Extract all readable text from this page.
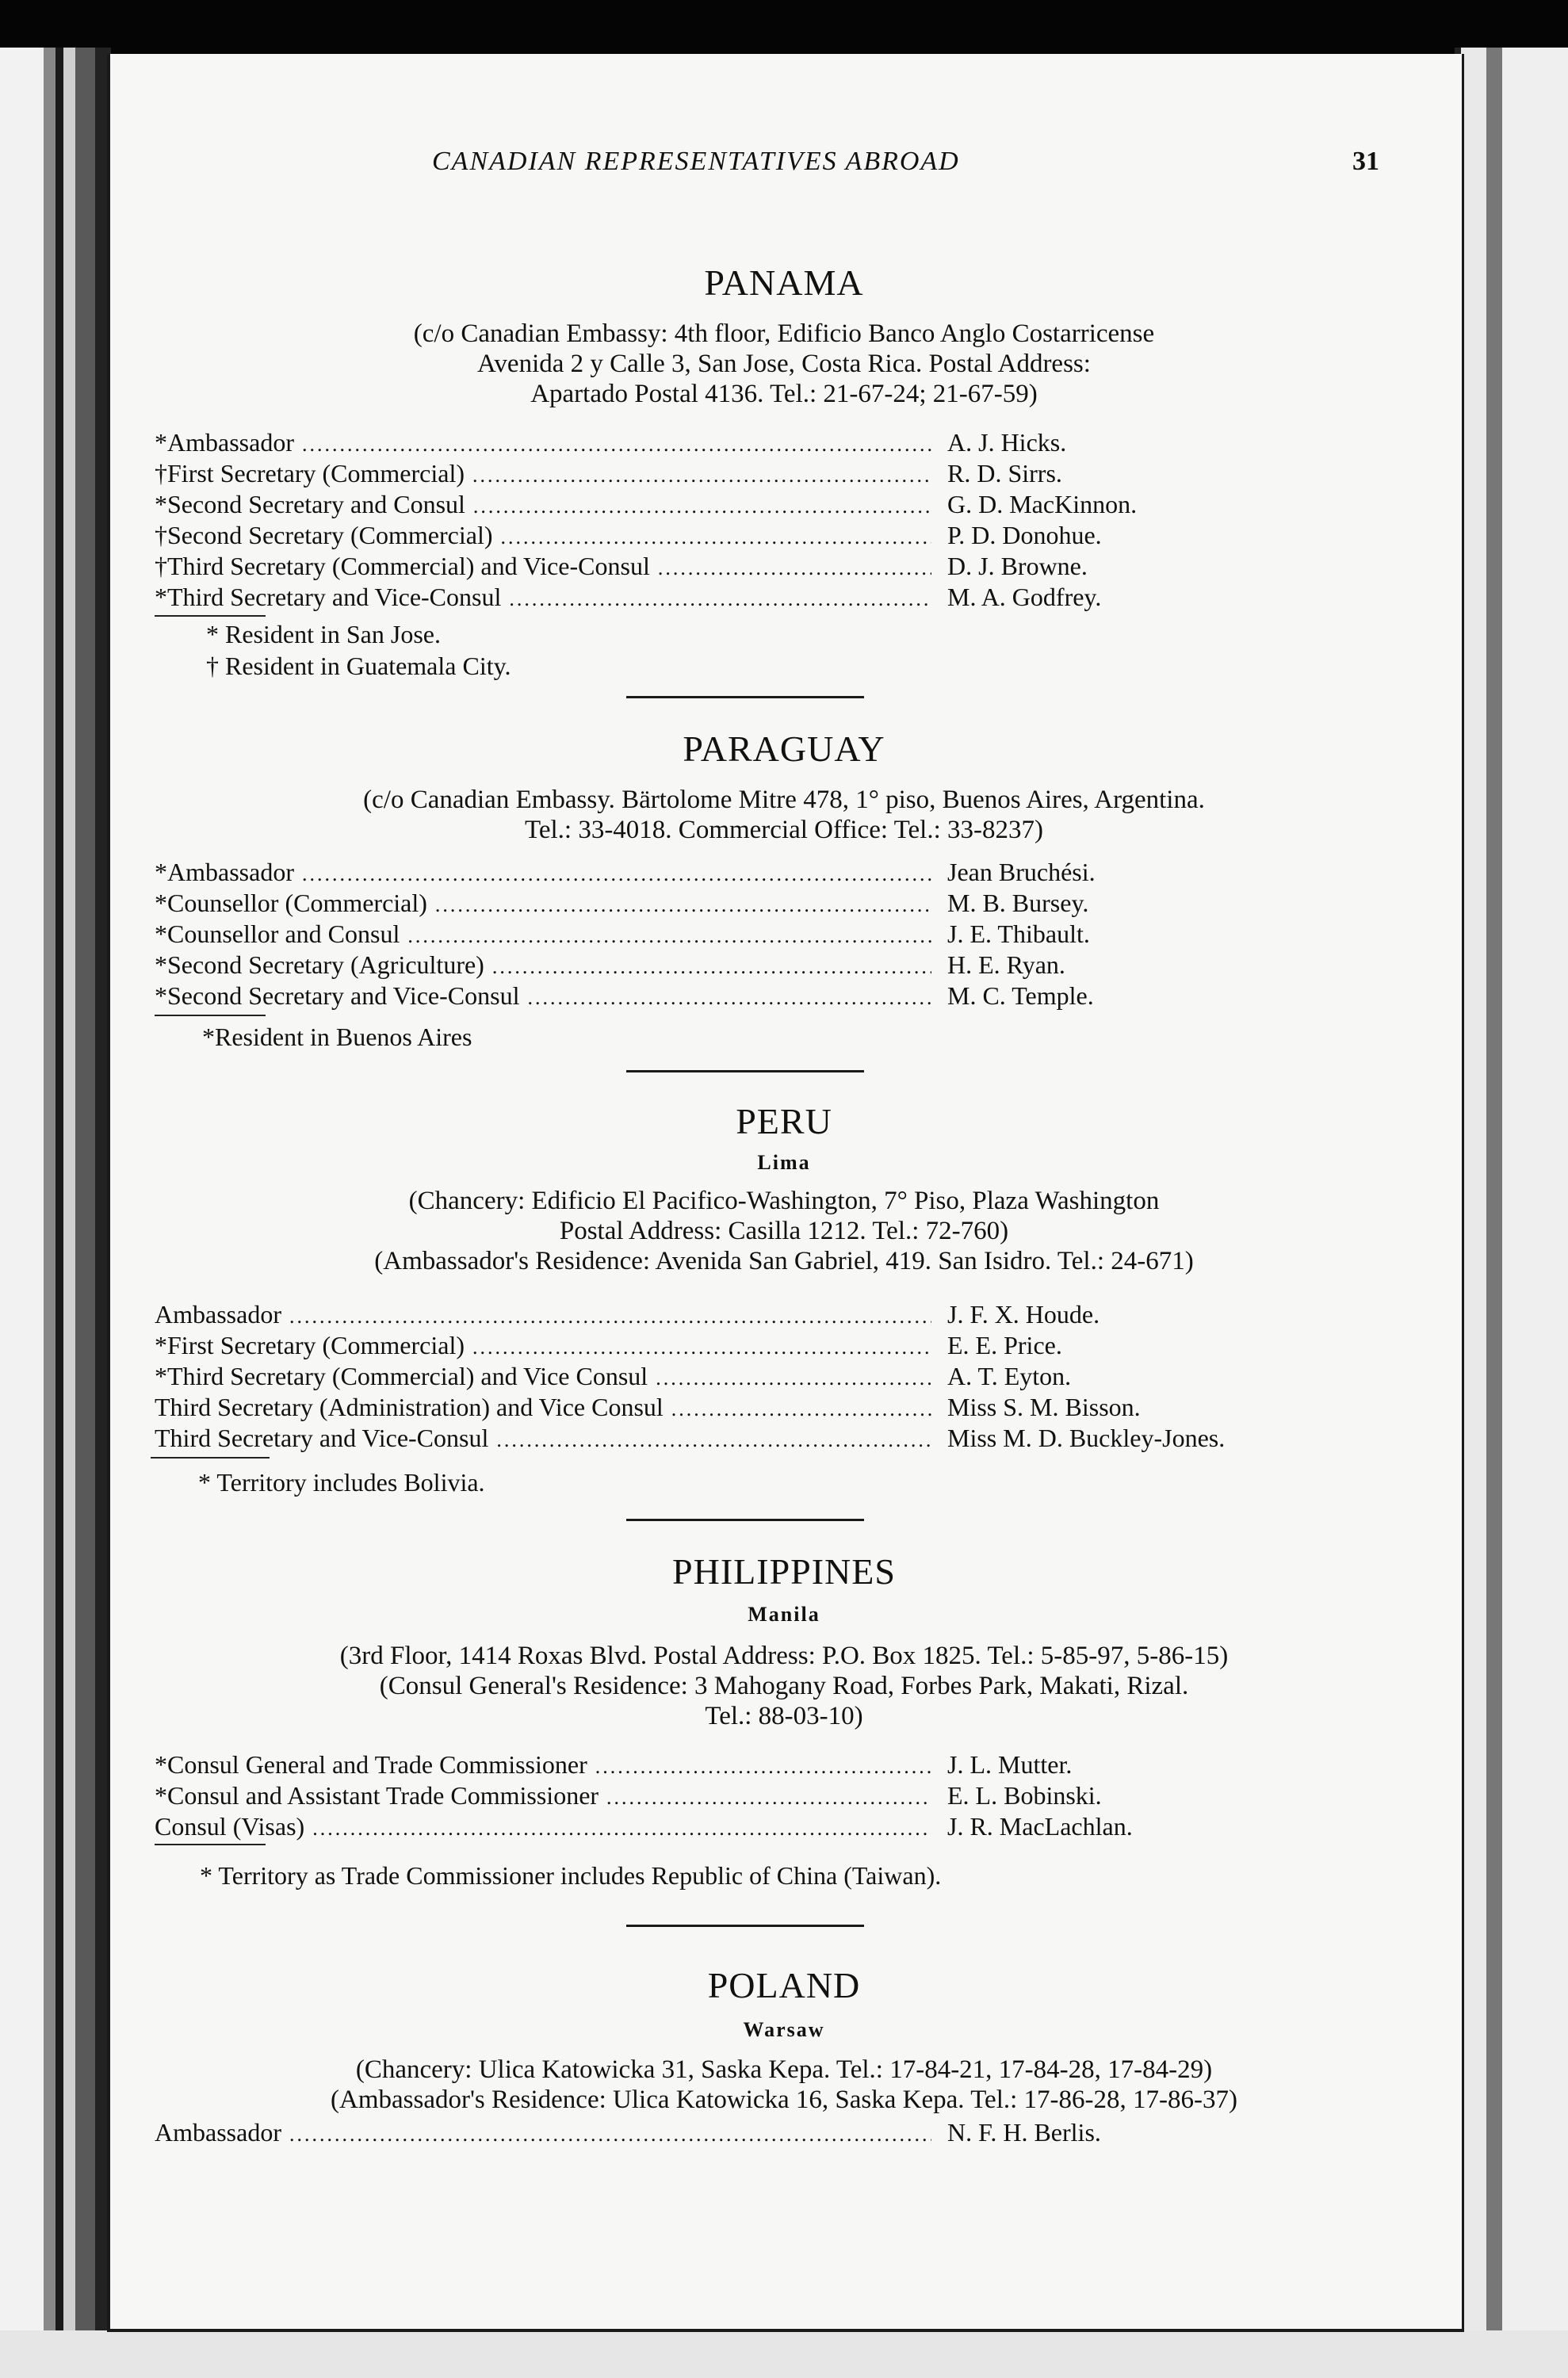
CANADIAN REPRESENTATIVES ABROAD	31
PANAMA
(c/o Canadian Embassy: 4th floor, Edificio Banco Anglo Costarricense
Avenida 2 y Calle 3, San Jose, Costa Rica. Postal Address:
Apartado Postal 4136. Tel.: 21-67-24; 21-67-59)
*Ambassador .....	A. J. Hicks.
†First Secretary (Commercial) .....	R. D. Sirrs.
*Second Secretary and Consul .....	G. D. MacKinnon.
†Second Secretary (Commercial) .....	P. D. Donohue.
†Third Secretary (Commercial) and Vice-Consul .....	D. J. Browne.
*Third Secretary and Vice-Consul .....	M. A. Godfrey.
* Resident in San Jose.
† Resident in Guatemala City.
PARAGUAY
(c/o Canadian Embassy. Bärtolome Mitre 478, 1° piso, Buenos Aires, Argentina.
Tel.: 33-4018. Commercial Office: Tel.: 33-8237)
*Ambassador .....	Jean Bruchési.
*Counsellor (Commercial) .....	M. B. Bursey.
*Counsellor and Consul .....	J. E. Thibault.
*Second Secretary (Agriculture) .....	H. E. Ryan.
*Second Secretary and Vice-Consul .....	M. C. Temple.
*Resident in Buenos Aires
PERU
Lima
(Chancery: Edificio El Pacifico-Washington, 7° Piso, Plaza Washington
Postal Address: Casilla 1212. Tel.: 72-760)
(Ambassador's Residence: Avenida San Gabriel, 419. San Isidro. Tel.: 24-671)
Ambassador .....	J. F. X. Houde.
*First Secretary (Commercial) .....	E. E. Price.
*Third Secretary (Commercial) and Vice Consul .....	A. T. Eyton.
Third Secretary (Administration) and Vice Consul .....	Miss S. M. Bisson.
Third Secretary and Vice-Consul .....	Miss M. D. Buckley-Jones.
* Territory includes Bolivia.
PHILIPPINES
Manila
(3rd Floor, 1414 Roxas Blvd. Postal Address: P.O. Box 1825. Tel.: 5-85-97, 5-86-15)
(Consul General's Residence: 3 Mahogany Road, Forbes Park, Makati, Rizal.
Tel.: 88-03-10)
*Consul General and Trade Commissioner .....	J. L. Mutter.
*Consul and Assistant Trade Commissioner .....	E. L. Bobinski.
Consul (Visas) .....	J. R. MacLachlan.
* Territory as Trade Commissioner includes Republic of China (Taiwan).
POLAND
Warsaw
(Chancery: Ulica Katowicka 31, Saska Kepa. Tel.: 17-84-21, 17-84-28, 17-84-29)
(Ambassador's Residence: Ulica Katowicka 16, Saska Kepa. Tel.: 17-86-28, 17-86-37)
Ambassador .....	N. F. H. Berlis.
